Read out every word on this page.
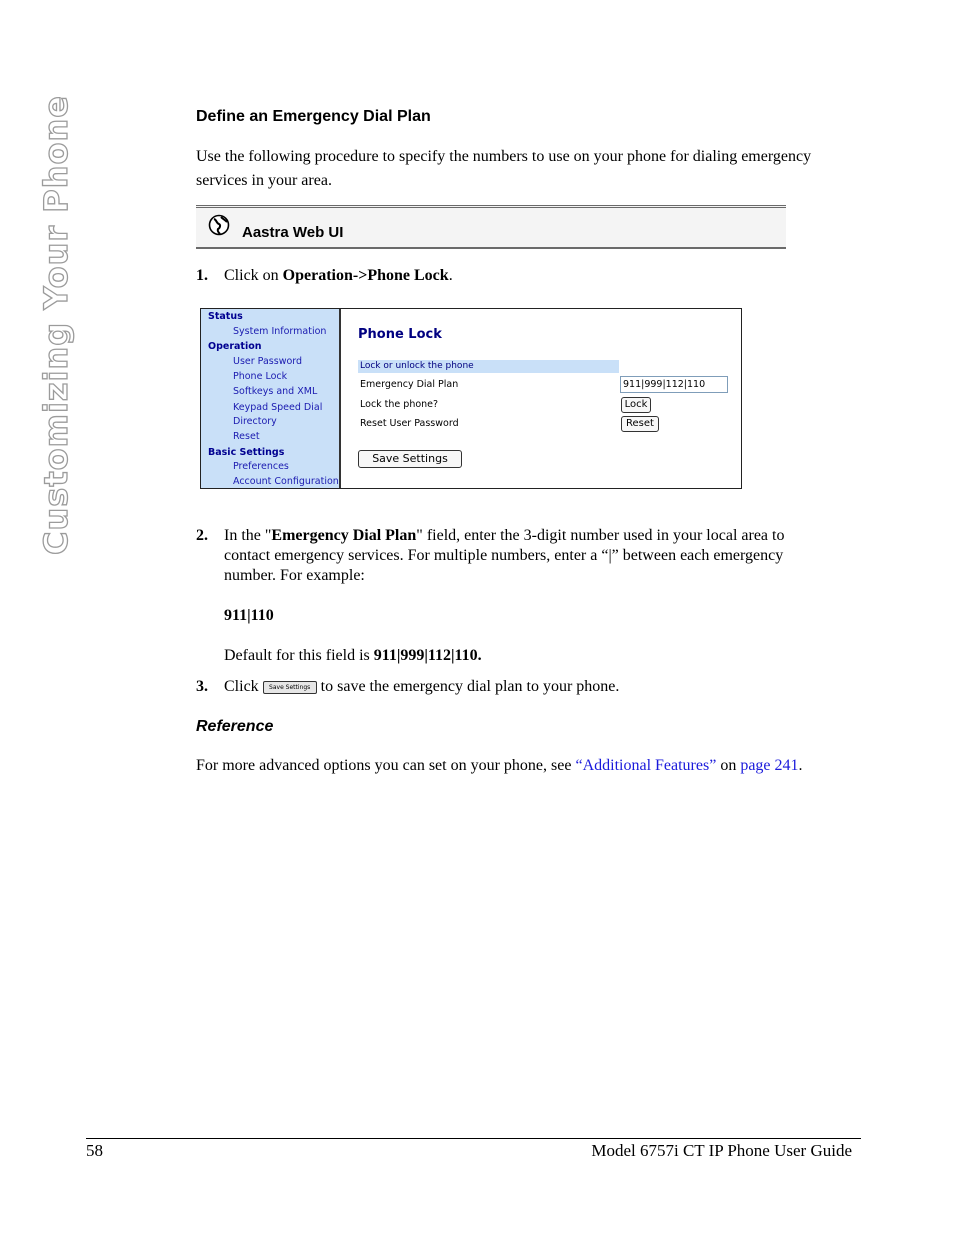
Customizing Your Phone	Define an Emergency Dial Plan
Use the following procedure to specify the numbers to use on your phone for dialing emergency services in your area.
Aastra Web UI
1. Click on Operation->Phone Lock.
Status
System Information
Operation
User Password
Phone Lock
Softkeys and XML
Keypad Speed Dial
Directory
Reset
Basic Settings
Preferences
Account Configuration
Phone Lock
Lock or unlock the phone
Emergency Dial Plan	911|999|112|110
Lock the phone?	Lock
Reset User Password	Reset
Save Settings
2. In the "Emergency Dial Plan" field, enter the 3-digit number used in your local area to contact emergency services. For multiple numbers, enter a “|” between each emergency number. For example:
911|110
Default for this field is 911|999|112|110.
3. Click Save Settings to save the emergency dial plan to your phone.
Reference
For more advanced options you can set on your phone, see “Additional Features” on page 241.
58	Model 6757i CT IP Phone User Guide
